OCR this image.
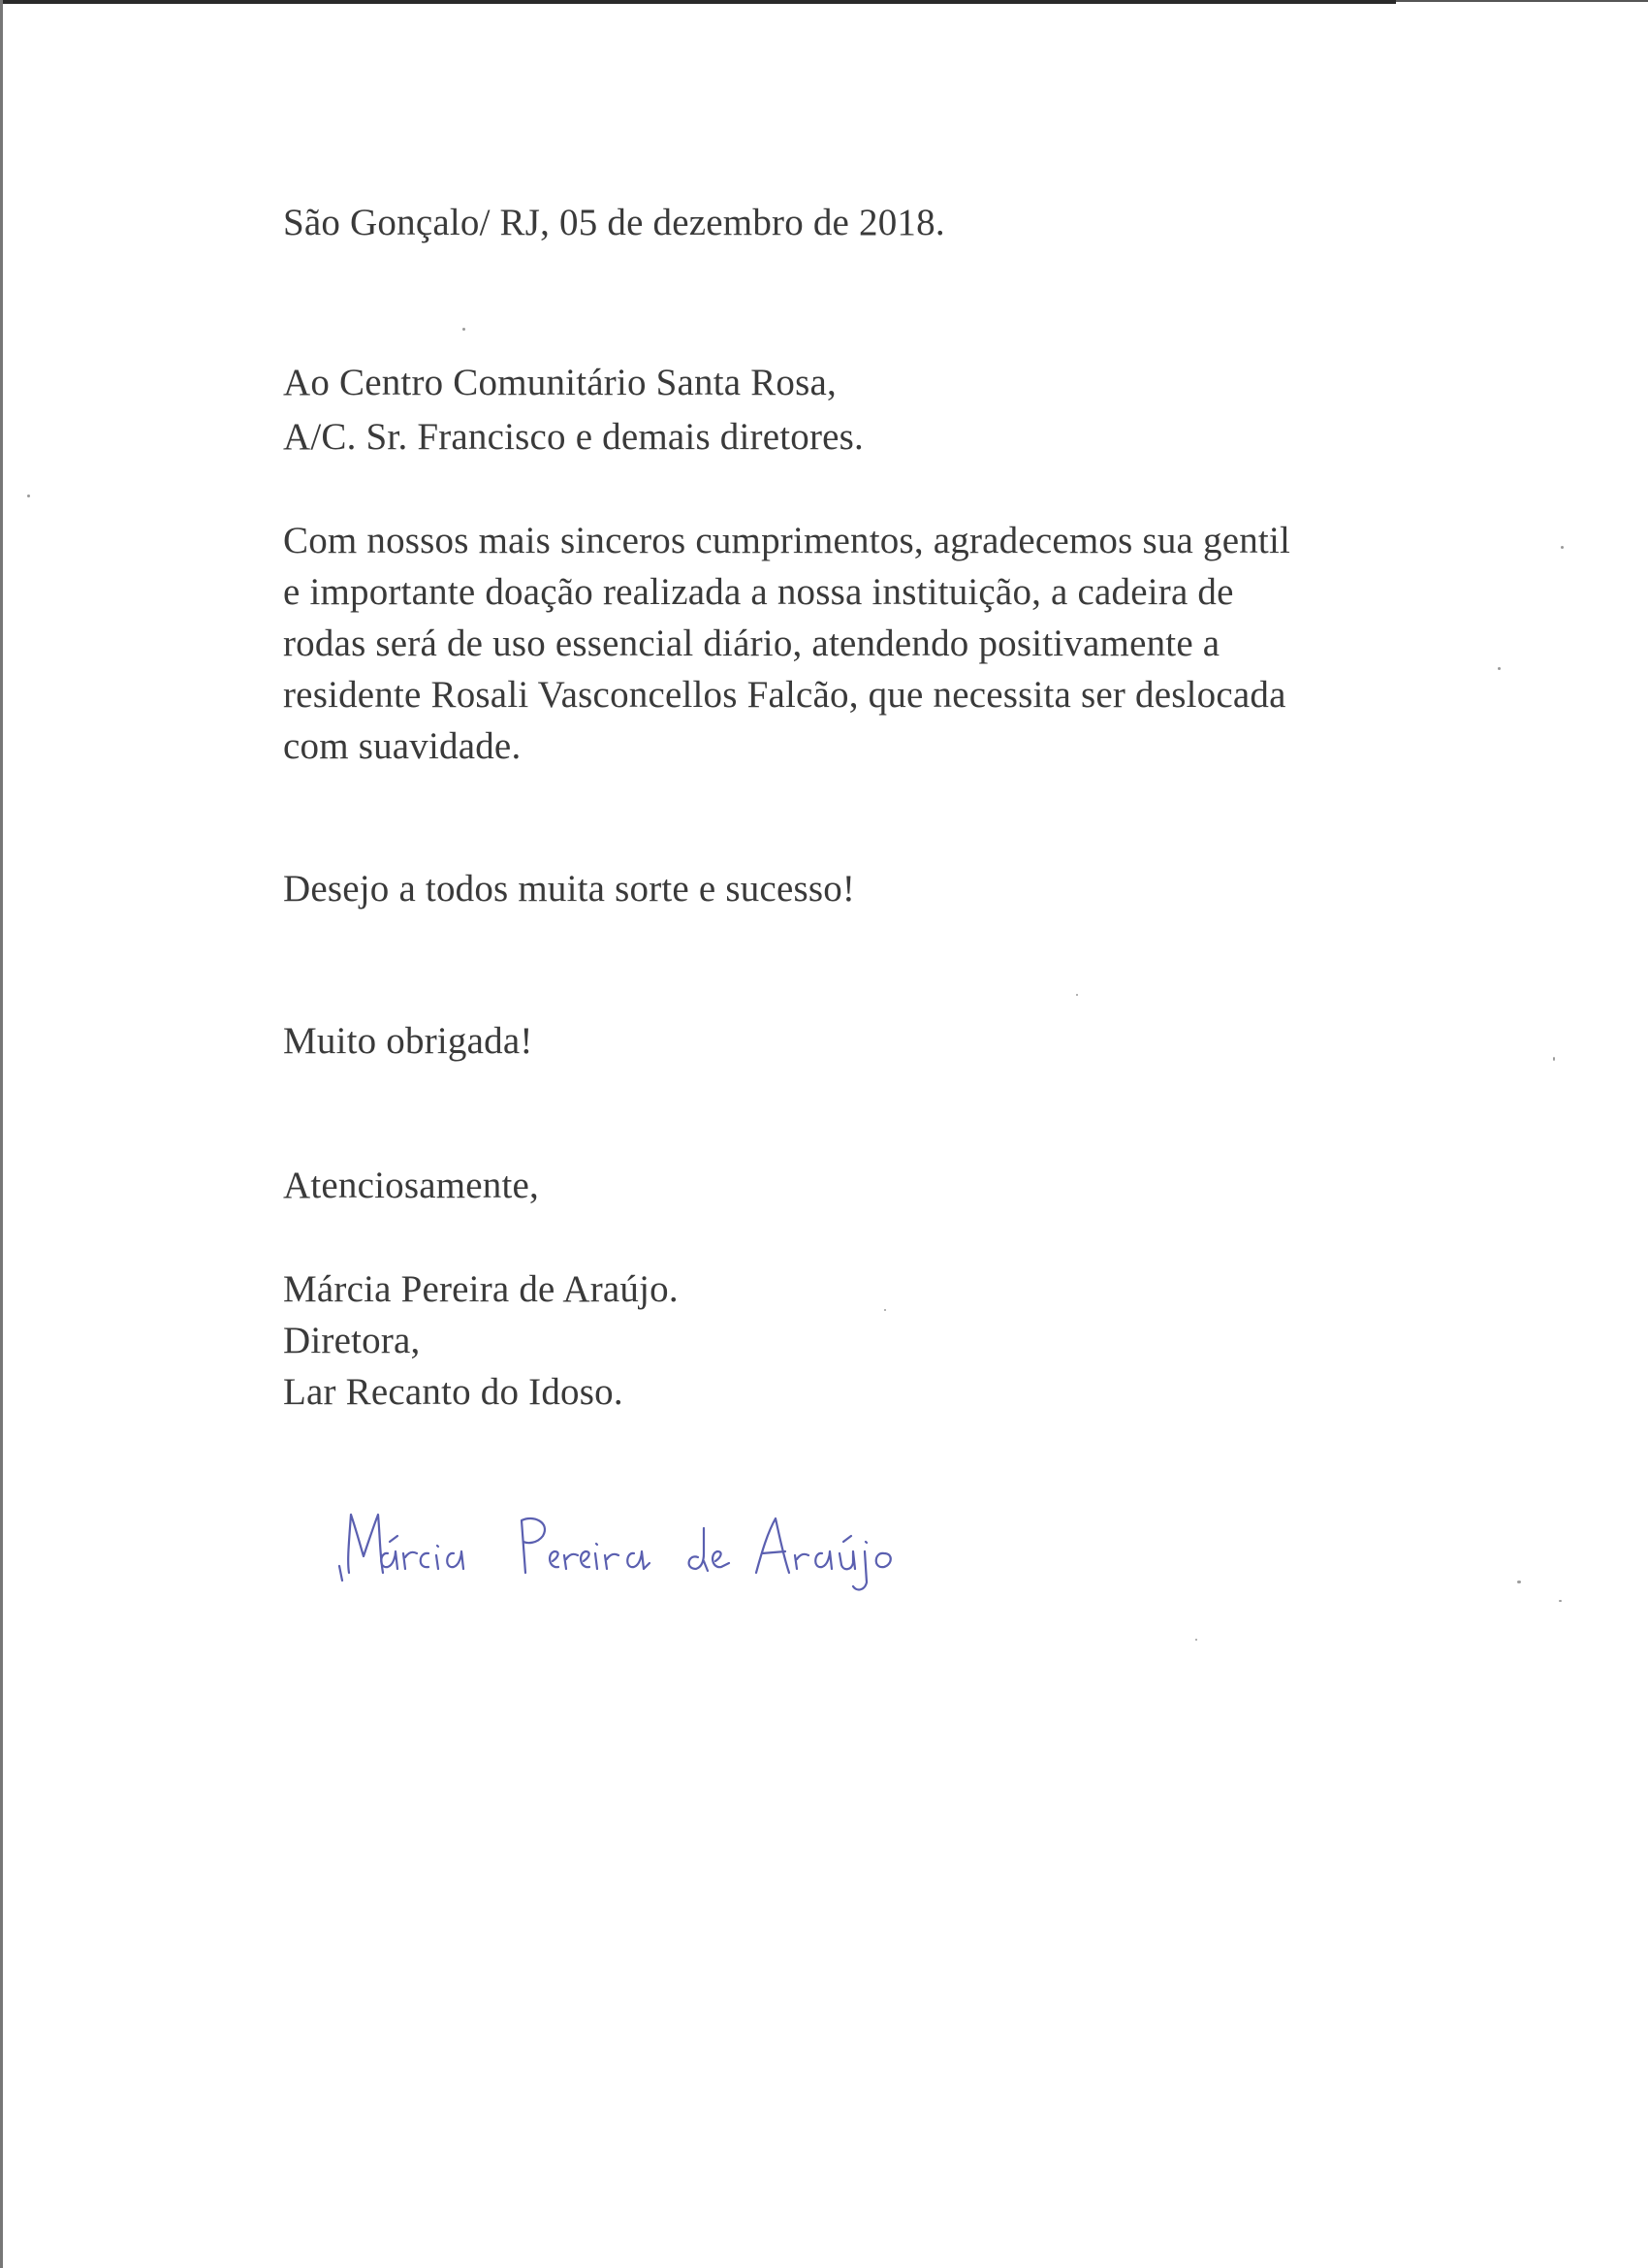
São Gonçalo/ RJ, 05 de dezembro de 2018.
Ao Centro Comunitário Santa Rosa,
A/C. Sr. Francisco e demais diretores.
Com nossos mais sinceros cumprimentos, agradecemos sua gentil
e importante doação realizada a nossa instituição, a cadeira de
rodas será de uso essencial diário, atendendo positivamente a
residente Rosali Vasconcellos Falcão, que necessita ser deslocada
com suavidade.
Desejo a todos muita sorte e sucesso!
Muito obrigada!
Atenciosamente,
Márcia Pereira de Araújo.
Diretora,
Lar Recanto do Idoso.
